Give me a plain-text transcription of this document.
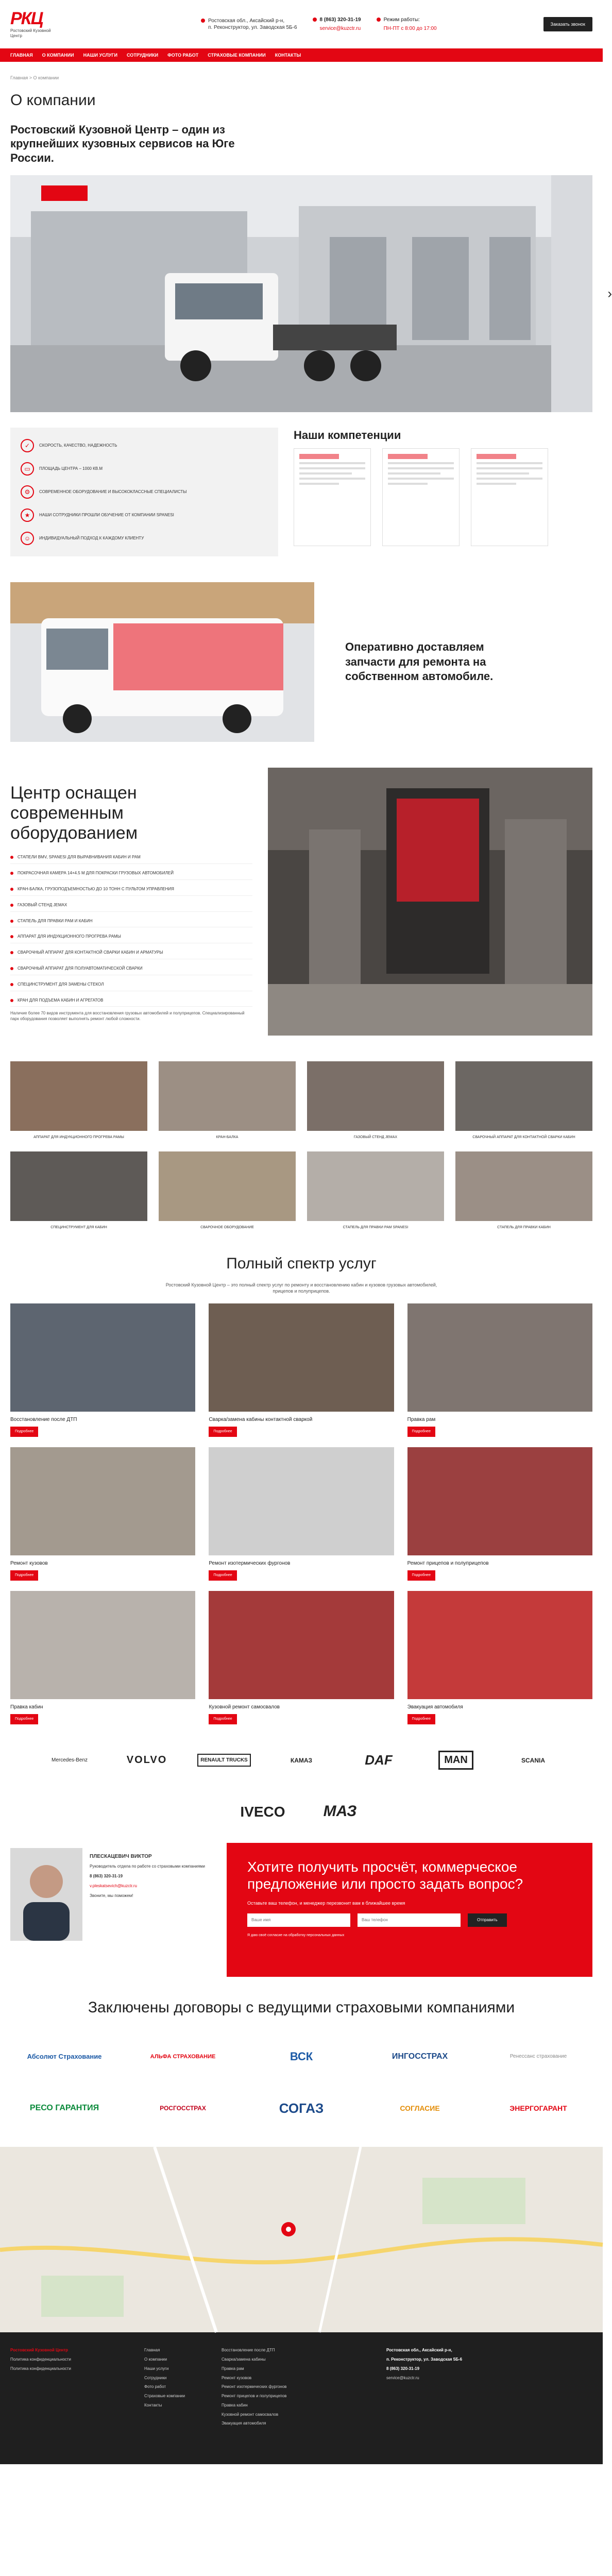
РКЦ
Ростовский Кузовной Центр
Ростовская обл., Аксайский р-н,
п. Реконструктор, ул. Заводская 5Б-6
8 (863) 320-31-19
service@kuzctr.ru
Режим работы:
ПН-ПТ с 8:00 до 17:00
Заказать звонок
ГЛАВНАЯ О КОМПАНИИ НАШИ УСЛУГИ СОТРУДНИКИ ФОТО РАБОТ СТРАХОВЫЕ КОМПАНИИ КОНТАКТЫ
Главная > О компании
О компании
Ростовский Кузовной Центр – один из крупнейших кузовных сервисов на Юге России.
›
✓	СКОРОСТЬ, КАЧЕСТВО, НАДЕЖНОСТЬ
▭	ПЛОЩАДЬ ЦЕНТРА – 1000 КВ.М
⚙	СОВРЕМЕННОЕ ОБОРУДОВАНИЕ И ВЫСОКОКЛАССНЫЕ СПЕЦИАЛИСТЫ
★	НАШИ СОТРУДНИКИ ПРОШЛИ ОБУЧЕНИЕ ОТ КОМПАНИИ SPANESI
☺	ИНДИВИДУАЛЬНЫЙ ПОДХОД К КАЖДОМУ КЛИЕНТУ
Наши компетенции
Оперативно доставляем запчасти для ремонта на собственном автомобиле.
Центр оснащен современным оборудованием
СТАПЕЛИ BMV, SPANESI ДЛЯ ВЫРАВНИВАНИЯ КАБИН И РАМ
ПОКРАСОЧНАЯ КАМЕРА 14×4.5 М ДЛЯ ПОКРАСКИ ГРУЗОВЫХ АВТОМОБИЛЕЙ
КРАН-БАЛКА, ГРУЗОПОДЪЕМНОСТЬЮ ДО 10 ТОНН С ПУЛЬТОМ УПРАВЛЕНИЯ
ГАЗОВЫЙ СТЕНД JEMAX
СТАПЕЛЬ ДЛЯ ПРАВКИ РАМ И КАБИН
АППАРАТ ДЛЯ ИНДУКЦИОННОГО ПРОГРЕВА РАМЫ
СВАРОЧНЫЙ АППАРАТ ДЛЯ КОНТАКТНОЙ СВАРКИ КАБИН И АРМАТУРЫ
СВАРОЧНЫЙ АППАРАТ ДЛЯ ПОЛУАВТОМАТИЧЕСКОЙ СВАРКИ
СПЕЦИНСТРУМЕНТ ДЛЯ ЗАМЕНЫ СТЕКОЛ
КРАН ДЛЯ ПОДЪЕМА КАБИН И АГРЕГАТОВ

Наличие более 70 видов инструмента для восстановления грузовых автомобилей и полуприцепов. Специализированный парк оборудования позволяет выполнять ремонт любой сложности.

АППАРАТ ДЛЯ ИНДУКЦИОННОГО ПРОГРЕВА РАМЫ	КРАН-БАЛКА	ГАЗОВЫЙ СТЕНД JEMAX	СВАРОЧНЫЙ АППАРАТ ДЛЯ КОНТАКТНОЙ СВАРКИ КАБИН
СПЕЦИНСТРУМЕНТ ДЛЯ КАБИН	СВАРОЧНОЕ ОБОРУДОВАНИЕ	СТАПЕЛЬ ДЛЯ ПРАВКИ РАМ SPANESI	СТАПЕЛЬ ДЛЯ ПРАВКИ КАБИН
Полный спектр услуг

Ростовский Кузовной Центр – это полный спектр услуг по ремонту и восстановлению кабин и кузовов грузовых автомобилей, прицепов и полуприцепов.

Восстановление после ДТП
Подробнее
Сварка/замена кабины контактной сваркой
Подробнее
Правка рам
Подробнее
Ремонт кузовов
Подробнее
Ремонт изотермических фургонов
Подробнее
Ремонт прицепов и полуприцепов
Подробнее
Правка кабин
Подробнее
Кузовной ремонт самосвалов
Подробнее
Эвакуация автомобиля
Подробнее
Mercedes-Benz	VOLVO	RENAULT TRUCKS	КАМАЗ	DAF	MAN	SCANIA
IVECO МАЗ
ПЛЕСКАЦЕВИЧ ВИКТОР
Руководитель отдела по работе со страховыми компаниями
8 (863) 320-31-19
v.pleskatsevich@kuzctr.ru
Звоните, мы поможем!
Хотите получить просчёт, коммерческое предложение или просто задать вопрос?

Оставьте ваш телефон, и менеджер перезвонит вам в ближайшее время

Ваше имя
Ваш телефон
Отправить

Я даю своё согласие на обработку персональных данных

Заключены договоры с ведущими страховыми компаниями
Абсолют Страхование	АЛЬФА СТРАХОВАНИЕ	ВСК	ИНГОССТРАХ	Ренессанс страхование
РЕСО ГАРАНТИЯ	РОСГОССТРАХ	СОГАЗ	СОГЛАСИЕ	ЭНЕРГОГАРАНТ
Ростовский Кузовной Центр
Политика конфиденциальности
Политика конфиденциальности
Главная
О компании
Наши услуги
Сотрудники
Фото работ
Страховые компании
Контакты
Восстановление после ДТП
Сварка/замена кабины
Правка рам
Ремонт кузовов
Ремонт изотермических фургонов
Ремонт прицепов и полуприцепов
Правка кабин
Кузовной ремонт самосвалов
Эвакуация автомобиля
Ростовская обл., Аксайский р-н,
п. Реконструктор, ул. Заводская 5Б-6
8 (863) 320-31-19
service@kuzctr.ru
